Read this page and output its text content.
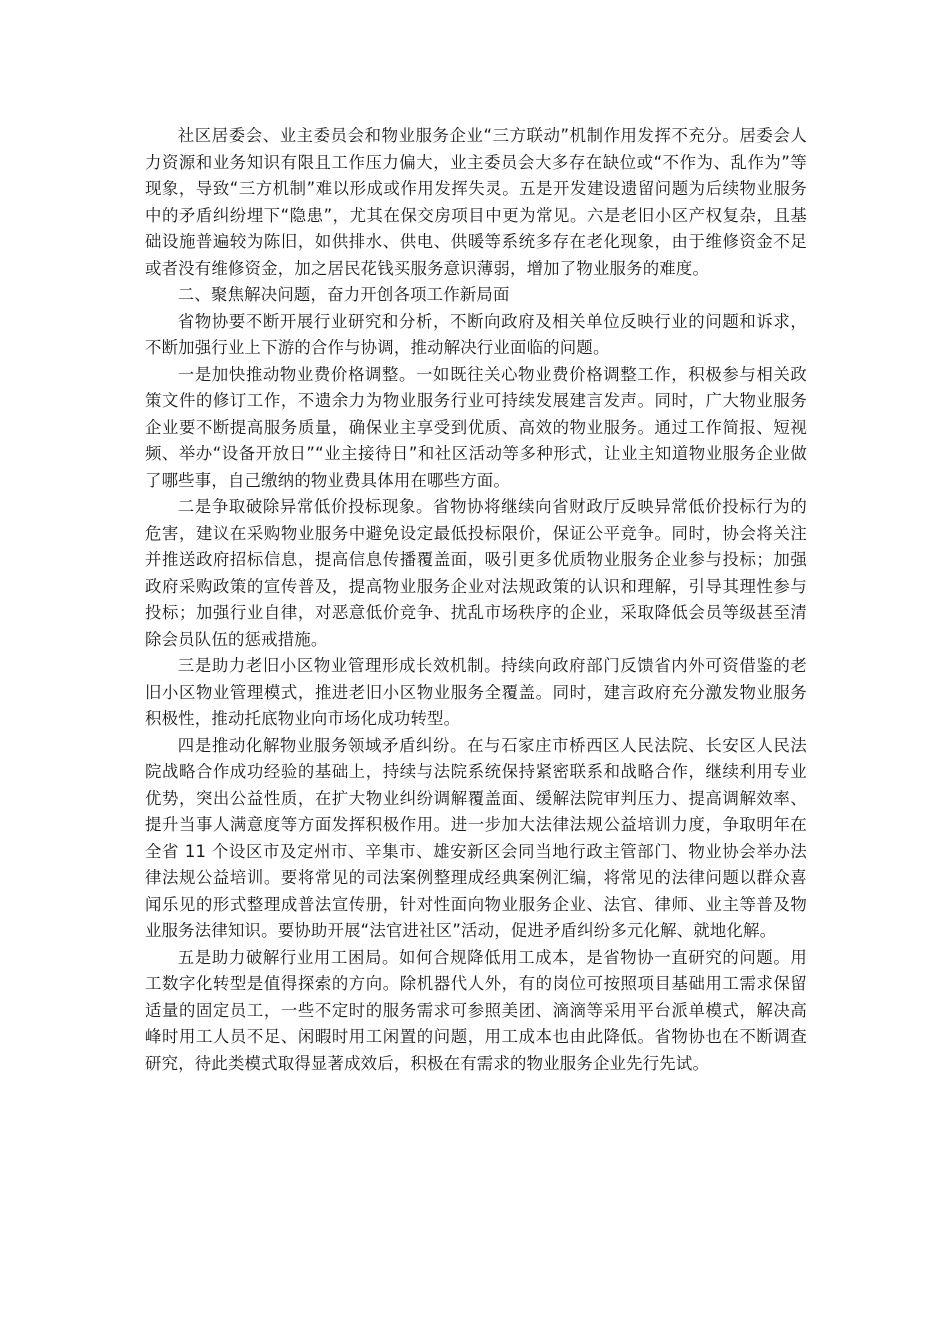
社区居委会、业主委员会和物业服务企业“三方联动”机制作用发挥不充分。居委会人力资源和业务知识有限且工作压力偏大，业主委员会大多存在缺位或“不作为、乱作为”等现象，导致“三方机制”难以形成或作用发挥失灵。五是开发建设遗留问题为后续物业服务中的矛盾纠纷埋下“隐患”，尤其在保交房项目中更为常见。六是老旧小区产权复杂，且基础设施普遍较为陈旧，如供排水、供电、供暖等系统多存在老化现象，由于维修资金不足或者没有维修资金，加之居民花钱买服务意识薄弱，增加了物业服务的难度。

二、聚焦解决问题，奋力开创各项工作新局面

省物协要不断开展行业研究和分析，不断向政府及相关单位反映行业的问题和诉求，不断加强行业上下游的合作与协调，推动解决行业面临的问题。

一是加快推动物业费价格调整。一如既往关心物业费价格调整工作，积极参与相关政策文件的修订工作，不遗余力为物业服务行业可持续发展建言发声。同时，广大物业服务企业要不断提高服务质量，确保业主享受到优质、高效的物业服务。通过工作简报、短视频、举办“设备开放日”“业主接待日”和社区活动等多种形式，让业主知道物业服务企业做了哪些事，自己缴纳的物业费具体用在哪些方面。

二是争取破除异常低价投标现象。省物协将继续向省财政厅反映异常低价投标行为的危害，建议在采购物业服务中避免设定最低投标限价，保证公平竞争。同时，协会将关注并推送政府招标信息，提高信息传播覆盖面，吸引更多优质物业服务企业参与投标；加强政府采购政策的宣传普及，提高物业服务企业对法规政策的认识和理解，引导其理性参与投标；加强行业自律，对恶意低价竞争、扰乱市场秩序的企业，采取降低会员等级甚至清除会员队伍的惩戒措施。

三是助力老旧小区物业管理形成长效机制。持续向政府部门反馈省内外可资借鉴的老旧小区物业管理模式，推进老旧小区物业服务全覆盖。同时，建言政府充分激发物业服务积极性，推动托底物业向市场化成功转型。

四是推动化解物业服务领域矛盾纠纷。在与石家庄市桥西区人民法院、长安区人民法院战略合作成功经验的基础上，持续与法院系统保持紧密联系和战略合作，继续利用专业优势，突出公益性质，在扩大物业纠纷调解覆盖面、缓解法院审判压力、提高调解效率、提升当事人满意度等方面发挥积极作用。进一步加大法律法规公益培训力度，争取明年在全省 11 个设区市及定州市、辛集市、雄安新区会同当地行政主管部门、物业协会举办法律法规公益培训。要将常见的司法案例整理成经典案例汇编，将常见的法律问题以群众喜闻乐见的形式整理成普法宣传册，针对性面向物业服务企业、法官、律师、业主等普及物业服务法律知识。要协助开展“法官进社区”活动，促进矛盾纠纷多元化解、就地化解。

五是助力破解行业用工困局。如何合规降低用工成本，是省物协一直研究的问题。用工数字化转型是值得探索的方向。除机器代人外，有的岗位可按照项目基础用工需求保留适量的固定员工，一些不定时的服务需求可参照美团、滴滴等采用平台派单模式，解决高峰时用工人员不足、闲暇时用工闲置的问题，用工成本也由此降低。省物协也在不断调查研究，待此类模式取得显著成效后，积极在有需求的物业服务企业先行先试。
